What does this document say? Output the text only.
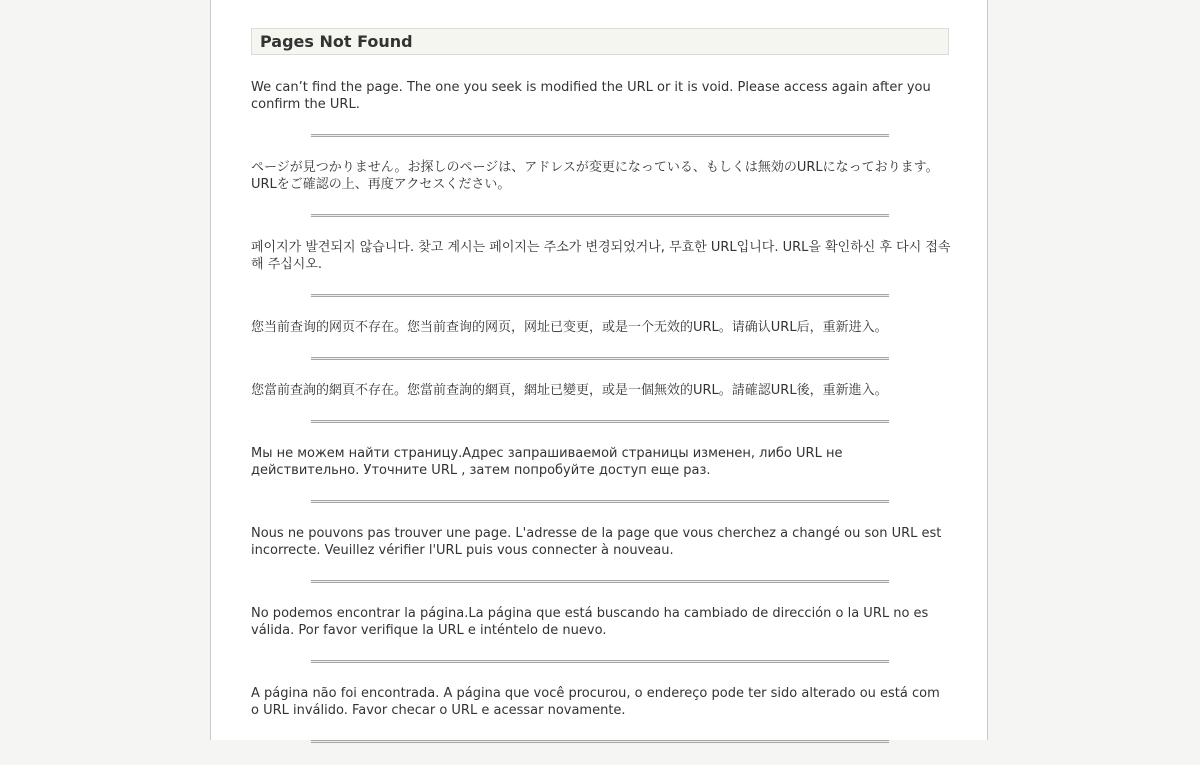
Pages Not Found

We can’t find the page. The one you seek is modified the URL or it is void. Please access again after you confirm the URL.

ページが見つかりません。お探しのページは、アドレスが変更になっている、もしくは無効のURLになっております。URLをご確認の上、再度アクセスください。

페이지가 발견되지 않습니다. 찾고 계시는 페이지는 주소가 변경되었거나, 무효한 URL입니다. URL을 확인하신 후 다시 접속해 주십시오.

您当前查询的网页不存在。您当前查询的网页，网址已变更，或是一个无效的URL。请确认URL后，重新进入。

您當前查詢的網頁不存在。您當前查詢的網頁，網址已變更，或是一個無效的URL。請確認URL後，重新進入。

Мы не можем найти страницу.Адрес запрашиваемой страницы изменен, либо URL не действительно. Уточните URL , затем попробуйте доступ еще раз.

Nous ne pouvons pas trouver une page. L'adresse de la page que vous cherchez a changé ou son URL est incorrecte. Veuillez vérifier l'URL puis vous connecter à nouveau.

No podemos encontrar la página.La página que está buscando ha cambiado de dirección o la URL no es válida. Por favor verifique la URL e inténtelo de nuevo.

A página não foi encontrada. A página que você procurou, o endereço pode ter sido alterado ou está com o URL inválido. Favor checar o URL e acessar novamente.
